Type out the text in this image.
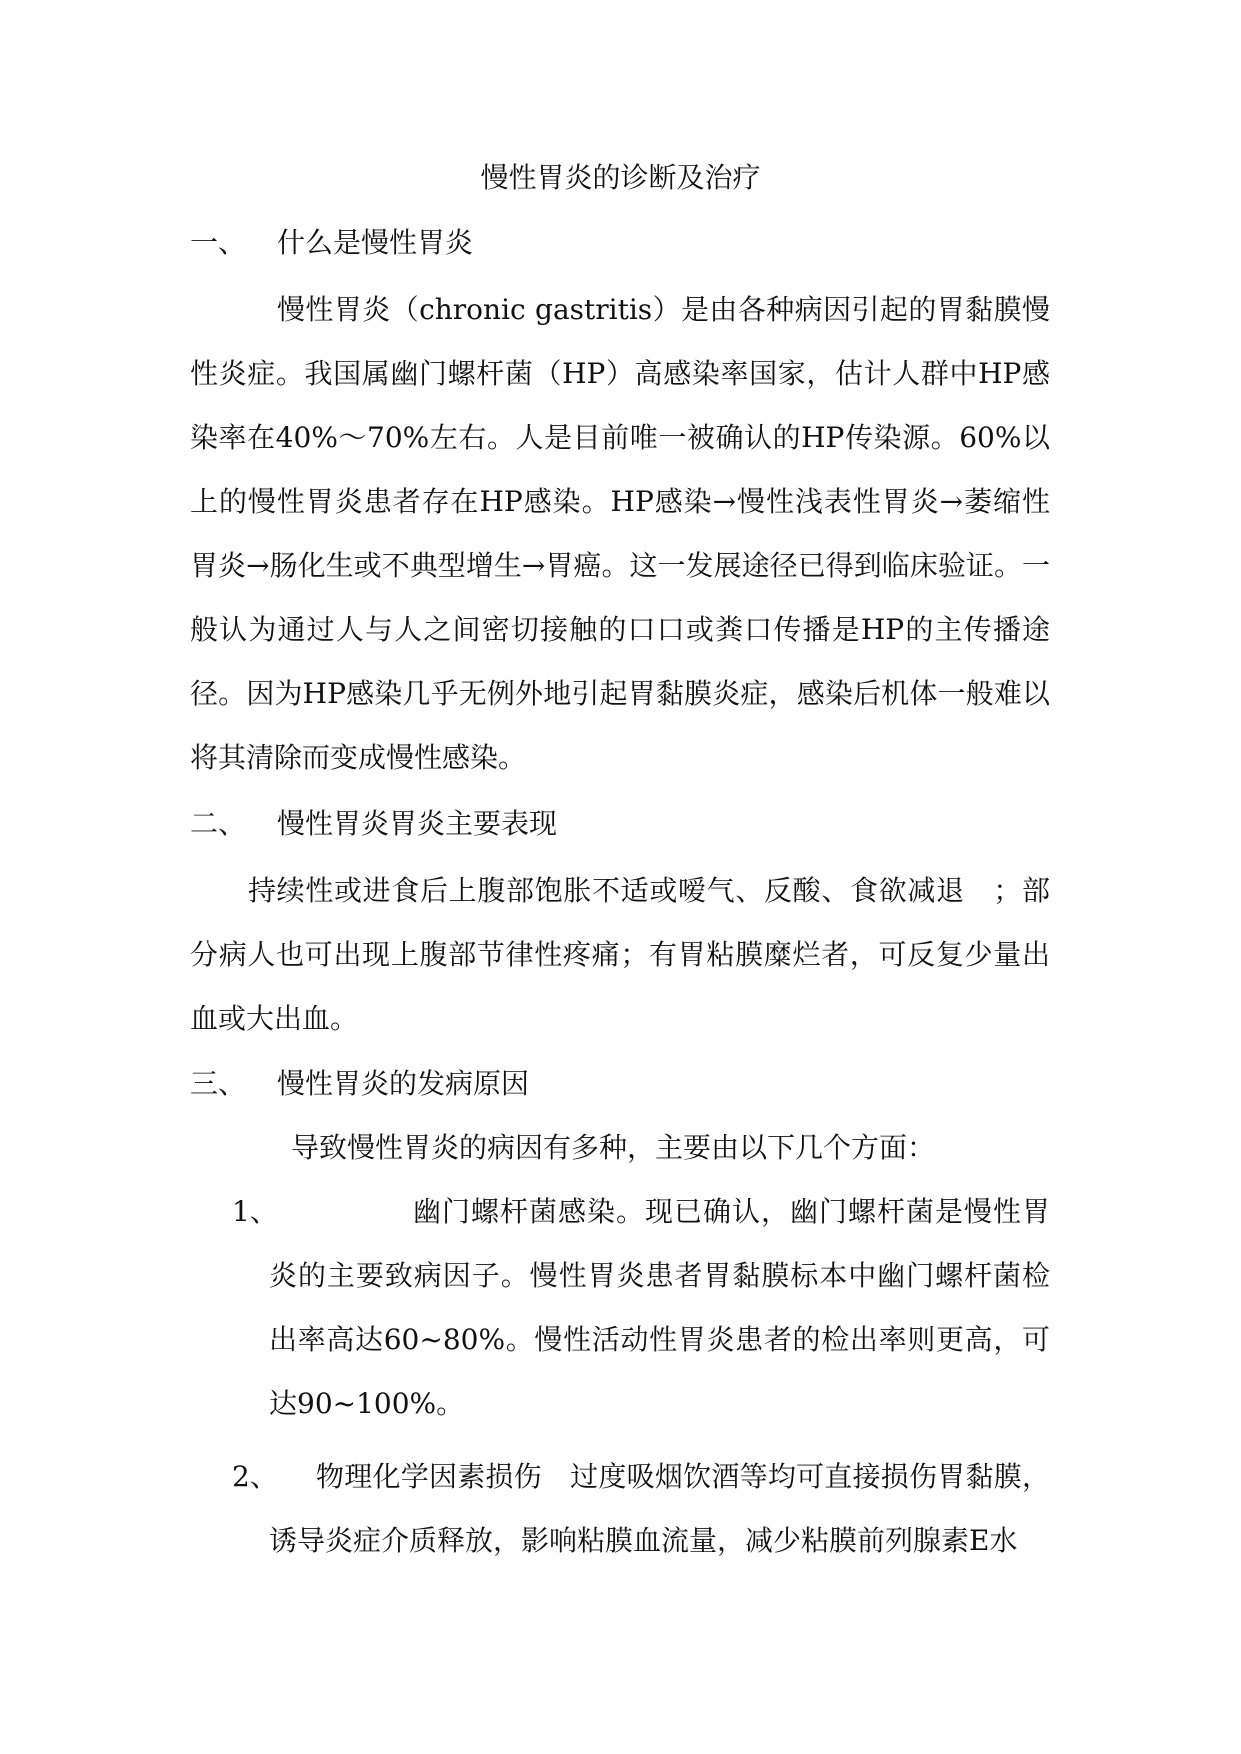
慢性胃炎的诊断及治疗
一、 什么是慢性胃炎
慢性胃炎（chronic gastritis）是由各种病因引起的胃黏膜慢性炎症。我国属幽门螺杆菌（HP）高感染率国家，估计人群中HP感染率在40%～70%左右。人是目前唯一被确认的HP传染源。60%以上的慢性胃炎患者存在HP感染。HP感染→慢性浅表性胃炎→萎缩性胃炎→肠化生或不典型增生→胃癌。这一发展途径已得到临床验证。一般认为通过人与人之间密切接触的口口或粪口传播是HP的主传播途径。因为HP感染几乎无例外地引起胃黏膜炎症，感染后机体一般难以将其清除而变成慢性感染。
二、 慢性胃炎胃炎主要表现
持续性或进食后上腹部饱胀不适或嗳气、反酸、食欲减退　；部分病人也可出现上腹部节律性疼痛；有胃粘膜糜烂者，可反复少量出血或大出血。
三、 慢性胃炎的发病原因
导致慢性胃炎的病因有多种，主要由以下几个方面：
1、	幽门螺杆菌感染。现已确认，幽门螺杆菌是慢性胃炎的主要致病因子。慢性胃炎患者胃黏膜标本中幽门螺杆菌检出率高达60~80%。慢性活动性胃炎患者的检出率则更高，可达90~100%。
2、	物理化学因素损伤　过度吸烟饮酒等均可直接损伤胃黏膜，诱导炎症介质释放，影响粘膜血流量，减少粘膜前列腺素E水
